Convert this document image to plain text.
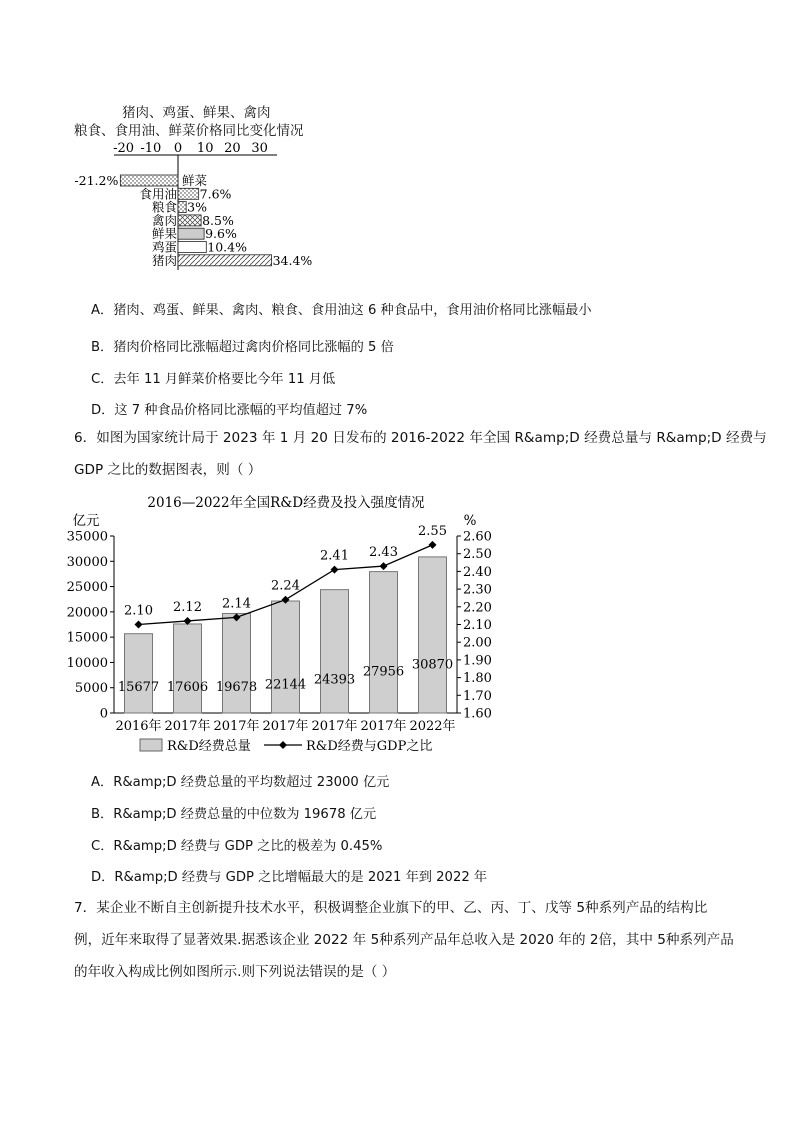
猪肉、鸡蛋、鲜果、禽肉
粮食、食用油、鲜菜价格同比变化情况
-20 -10 0 10 20 30
鲜菜
-21.2%
食用油 7.6%
粮食 3%
禽肉 8.5%
鲜果 9.6%
鸡蛋 10.4%
猪肉	34.4%
A．猪肉、鸡蛋、鲜果、禽肉、粮食、食用油这 6 种食品中，食用油价格同比涨幅最小
B．猪肉价格同比涨幅超过禽肉价格同比涨幅的 5 倍
C．去年 11 月鲜菜价格要比今年 11 月低
D．这 7 种食品价格同比涨幅的平均值超过 7%
6．如图为国家统计局于 2023 年 1 月 20 日发布的 2016-2022 年全国 R&amp;D 经费总量与 R&amp;D 经费与
GDP 之比的数据图表，则（ ）
2016—2022年全国R&D经费及投入强度情况
亿元	%
0
5000
10000
15000
20000
25000
30000
35000
1.60
1.70
1.80
1.90
2.00
2.10
2.20
2.30
2.40
2.50
2.60
15677 17606 19678 22144 24393
27956 30870
2.10 2.12 2.14
2.24
2.41 2.43
2.55
2016年 2017年 2017年 2017年 2017年 2017年 2022年
R&D经费总量	R&D经费与GDP之比
A．R&amp;D 经费总量的平均数超过 23000 亿元
B．R&amp;D 经费总量的中位数为 19678 亿元
C．R&amp;D 经费与 GDP 之比的极差为 0.45%
D．R&amp;D 经费与 GDP 之比增幅最大的是 2021 年到 2022 年
7．某企业不断自主创新提升技术水平，积极调整企业旗下的甲、乙、丙、丁、戊等 5种系列产品的结构比
例，近年来取得了显著效果.据悉该企业 2022 年 5种系列产品年总收入是 2020 年的 2倍，其中 5种系列产品
的年收入构成比例如图所示.则下列说法错误的是（ ）
